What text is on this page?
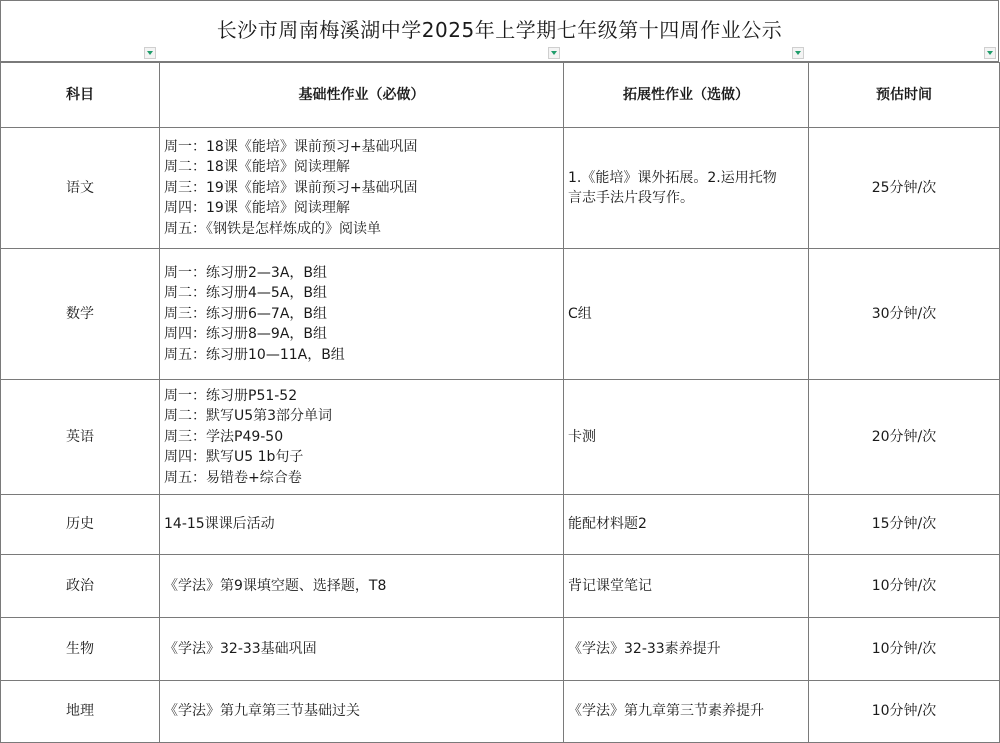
长沙市周南梅溪湖中学2025年上学期七年级第十四周作业公示
科目	基础性作业（必做）	拓展性作业（选做）	预估时间
语文	周一：18课《能培》课前预习+基础巩固
周二：18课《能培》阅读理解
周三：19课《能培》课前预习+基础巩固
周四：19课《能培》阅读理解
周五：《钢铁是怎样炼成的》阅读单	1.《能培》课外拓展。2.运用托物
言志手法片段写作。	25分钟/次
数学	周一：练习册2—3A，B组
周二：练习册4—5A，B组
周三：练习册6—7A，B组
周四：练习册8—9A，B组
周五：练习册10—11A，B组	C组	30分钟/次
英语	周一：练习册P51-52
周二：默写U5第3部分单词
周三：学法P49-50
周四：默写U5 1b句子
周五：易错卷+综合卷	卡测	20分钟/次
历史	14-15课课后活动	能配材料题2	15分钟/次
政治	《学法》第9课填空题、选择题，T8	背记课堂笔记	10分钟/次
生物	《学法》32-33基础巩固	《学法》32-33素养提升	10分钟/次
地理	《学法》第九章第三节基础过关	《学法》第九章第三节素养提升	10分钟/次
